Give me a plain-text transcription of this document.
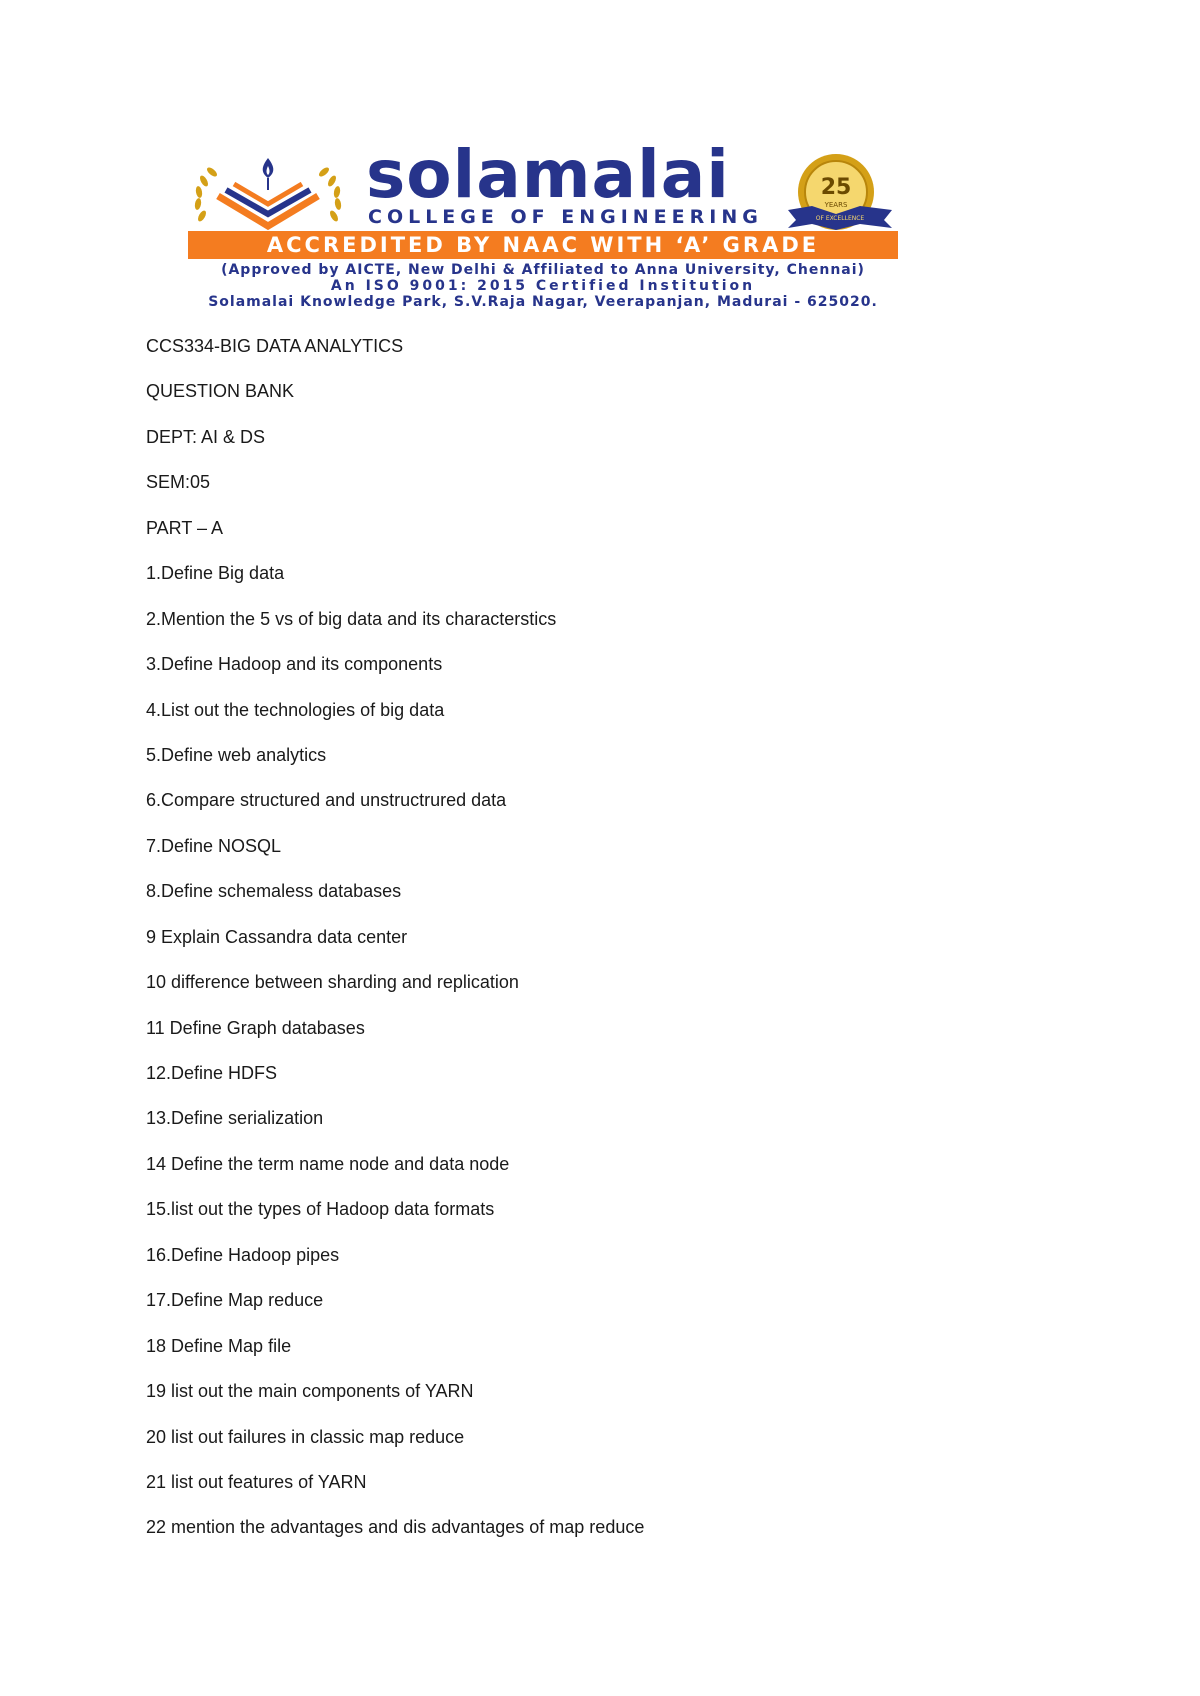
solamalai
COLLEGE OF ENGINEERING
25
YEARS
OF EXCELLENCE
ACCREDITED BY NAAC WITH ‘A’ GRADE
(Approved by AICTE, New Delhi & Affiliated to Anna University, Chennai)
An ISO 9001: 2015 Certified Institution
Solamalai Knowledge Park, S.V.Raja Nagar, Veerapanjan, Madurai - 625020.

CCS334-BIG DATA ANALYTICS

QUESTION BANK

DEPT: AI & DS

SEM:05

PART – A

1.Define Big data

2.Mention the 5 vs of big data and its characterstics

3.Define Hadoop and its components

4.List out the technologies of big data

5.Define web analytics

6.Compare structured and unstructrured data

7.Define NOSQL

8.Define schemaless databases

9 Explain Cassandra data center

10 difference between sharding and replication

11 Define Graph databases

12.Define HDFS

13.Define serialization

14 Define the term name node and data node

15.list out the types of Hadoop data formats

16.Define Hadoop pipes

17.Define Map reduce

18 Define Map file

19 list out the main components of YARN

20 list out failures in classic map reduce

21 list out features of YARN

22 mention the advantages and dis advantages of map reduce
